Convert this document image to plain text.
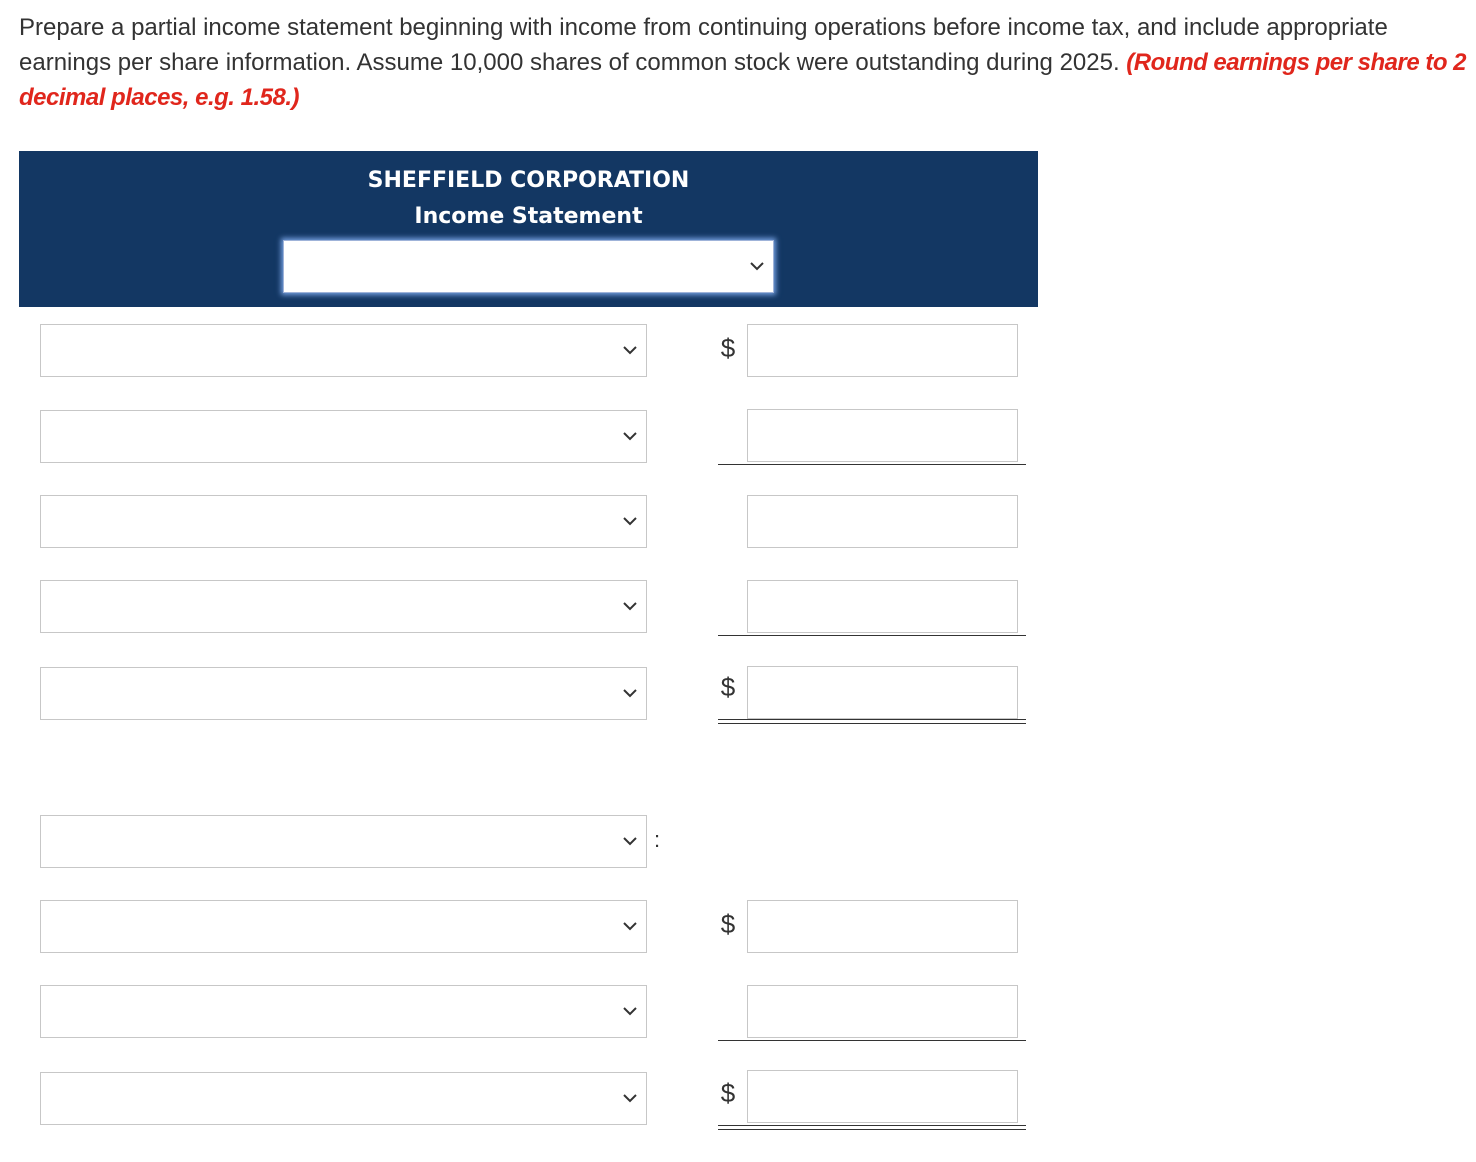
Prepare a partial income statement beginning with income from continuing operations before income tax, and include appropriate earnings per share information. Assume 10,000 shares of common stock were outstanding during 2025. (Round earnings per share to 2 decimal places, e.g. 1.58.)
SHEFFIELD CORPORATION
Income Statement
$
$
:
$
$
